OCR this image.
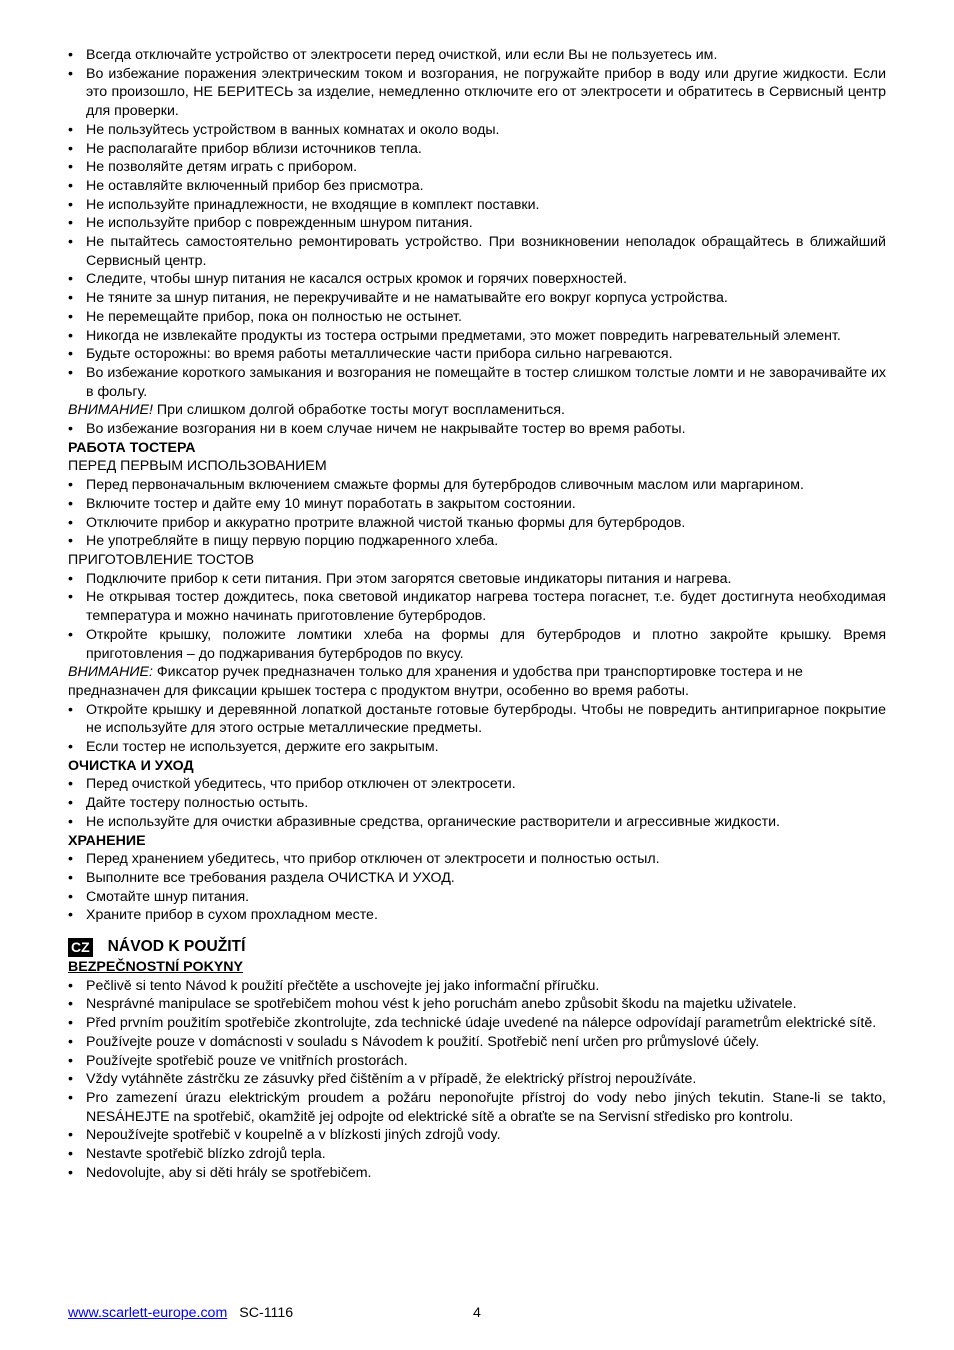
• Всегда отключайте устройство от электросети перед очисткой, или если Вы не пользуетесь им.
• Во избежание поражения электрическим током и возгорания, не погружайте прибор в воду или другие жидкости. Если это произошло, НЕ БЕРИТЕСЬ за изделие, немедленно отключите его от электросети и обратитесь в Сервисный центр для проверки.
• Не пользуйтесь устройством в ванных комнатах и около воды.
• Не располагайте прибор вблизи источников тепла.
• Не позволяйте детям играть с прибором.
• Не оставляйте включенный прибор без присмотра.
• Не используйте принадлежности, не входящие в комплект поставки.
• Не используйте прибор с поврежденным шнуром питания.
• Не пытайтесь самостоятельно ремонтировать устройство. При возникновении неполадок обращайтесь в ближайший Сервисный центр.
• Следите, чтобы шнур питания не касался острых кромок и горячих поверхностей.
• Не тяните за шнур питания, не перекручивайте и не наматывайте его вокруг корпуса устройства.
• Не перемещайте прибор, пока он полностью не остынет.
• Никогда не извлекайте продукты из тостера острыми предметами, это может повредить нагревательный элемент.
• Будьте осторожны: во время работы металлические части прибора сильно нагреваются.
• Во избежание короткого замыкания и возгорания не помещайте в тостер слишком толстые ломти и не заворачивайте их в фольгу.
ВНИМАНИЕ! При слишком долгой обработке тосты могут воспламениться.
• Во избежание возгорания ни в коем случае ничем не накрывайте тостер во время работы.
РАБОТА ТОСТЕРА
ПЕРЕД ПЕРВЫМ ИСПОЛЬЗОВАНИЕМ
• Перед первоначальным включением смажьте формы для бутербродов сливочным маслом или маргарином.
• Включите тостер и дайте ему 10 минут поработать в закрытом состоянии.
• Отключите прибор и аккуратно протрите влажной чистой тканью формы для бутербродов.
• Не употребляйте в пищу первую порцию поджаренного хлеба.
ПРИГОТОВЛЕНИЕ ТОСТОВ
• Подключите прибор к сети питания. При этом загорятся световые индикаторы питания и нагрева.
• Не открывая тостер дождитесь, пока световой индикатор нагрева тостера погаснет, т.е. будет достигнута необходимая температура и можно начинать приготовление бутербродов.
• Откройте крышку, положите ломтики хлеба на формы для бутербродов и плотно закройте крышку. Время приготовления – до поджаривания бутербродов по вкусу.
ВНИМАНИЕ: Фиксатор ручек предназначен только для хранения и удобства при транспортировке тостера и не предназначен для фиксации крышек тостера с продуктом внутри, особенно во время работы.
• Откройте крышку и деревянной лопаткой достаньте готовые бутерброды. Чтобы не повредить антипригарное покрытие не используйте для этого острые металлические предметы.
• Если тостер не используется, держите его закрытым.
ОЧИСТКА И УХОД
• Перед очисткой убедитесь, что прибор отключен от электросети.
• Дайте тостеру полностью остыть.
• Не используйте для очистки абразивные средства, органические растворители и агрессивные жидкости.
ХРАНЕНИЕ
• Перед хранением убедитесь, что прибор отключен от электросети и полностью остыл.
• Выполните все требования раздела ОЧИСТКА И УХОД.
• Смотайте шнур питания.
• Храните прибор в сухом прохладном месте.
CZ NÁVOD K POUŽITÍ
BEZPEČNOSTNÍ POKYNY
• Pečlivě si tento Návod k použití přečtěte a uschovejte jej jako informační příručku.
• Nesprávné manipulace se spotřebičem mohou vést k jeho poruchám anebo způsobit škodu na majetku uživatele.
• Před prvním použitím spotřebiče zkontrolujte, zda technické údaje uvedené na nálepce odpovídají parametrům elektrické sítě.
• Používejte pouze v domácnosti v souladu s Návodem k použití. Spotřebič není určen pro průmyslové účely.
• Používejte spotřebič pouze ve vnitřních prostorách.
• Vždy vytáhněte zástrčku ze zásuvky před čištěním a v případě, že elektrický přístroj nepoužíváte.
• Pro zamezení úrazu elektrickým proudem a požáru neponořujte přístroj do vody nebo jiných tekutin. Stane-li se takto, NESÁHEJTE na spotřebič, okamžitě jej odpojte od elektrické sítě a obraťte se na Servisní středisko pro kontrolu.
• Nepoužívejte spotřebič v koupelně a v blízkosti jiných zdrojů vody.
• Nestavte spotřebič blízko zdrojů tepla.
• Nedovolujte, aby si děti hrály se spotřebičem.
www.scarlett-europe.com SC-1116	4
